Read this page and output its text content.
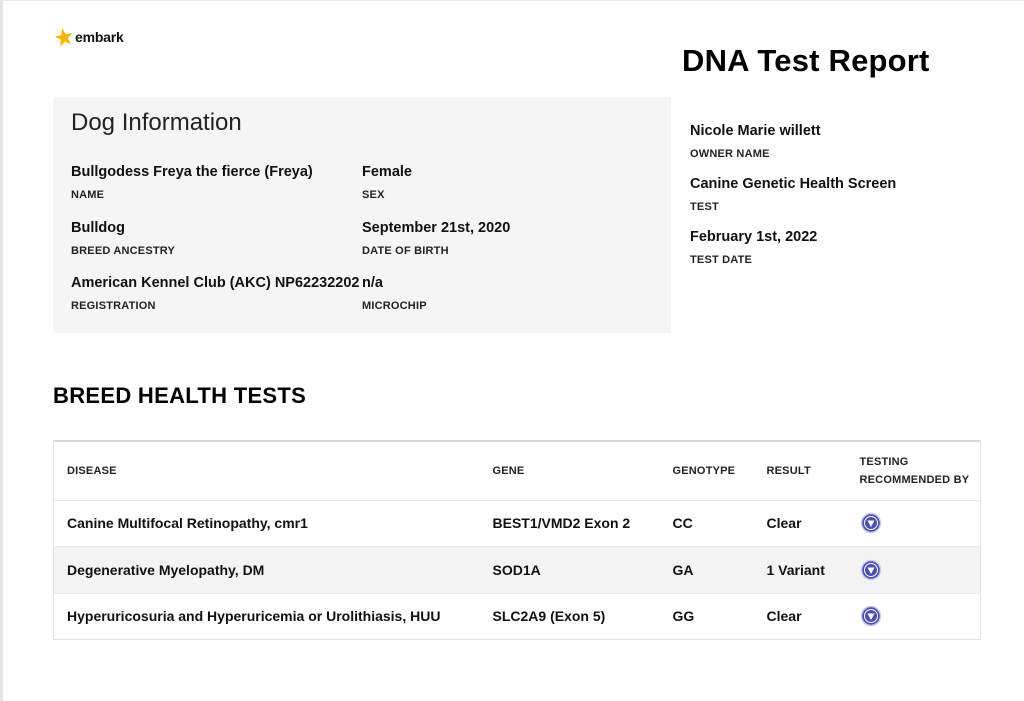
embark
DNA Test Report
Dog Information
Bullgodess Freya the fierce (Freya)
NAME
Female
SEX
Bulldog
BREED ANCESTRY
September 21st, 2020
DATE OF BIRTH
American Kennel Club (AKC) NP62232202
REGISTRATION
n/a
MICROCHIP
Nicole Marie willett
OWNER NAME
Canine Genetic Health Screen
TEST
February 1st, 2022
TEST DATE
BREED HEALTH TESTS
DISEASE	GENE	GENOTYPE	RESULT	TESTING
RECOMMENDED BY
Canine Multifocal Retinopathy, cmr1	BEST1/VMD2 Exon 2	CC	Clear	
Degenerative Myelopathy, DM	SOD1A	GA	1 Variant	
Hyperuricosuria and Hyperuricemia or Urolithiasis, HUU	SLC2A9 (Exon 5)	GG	Clear	
